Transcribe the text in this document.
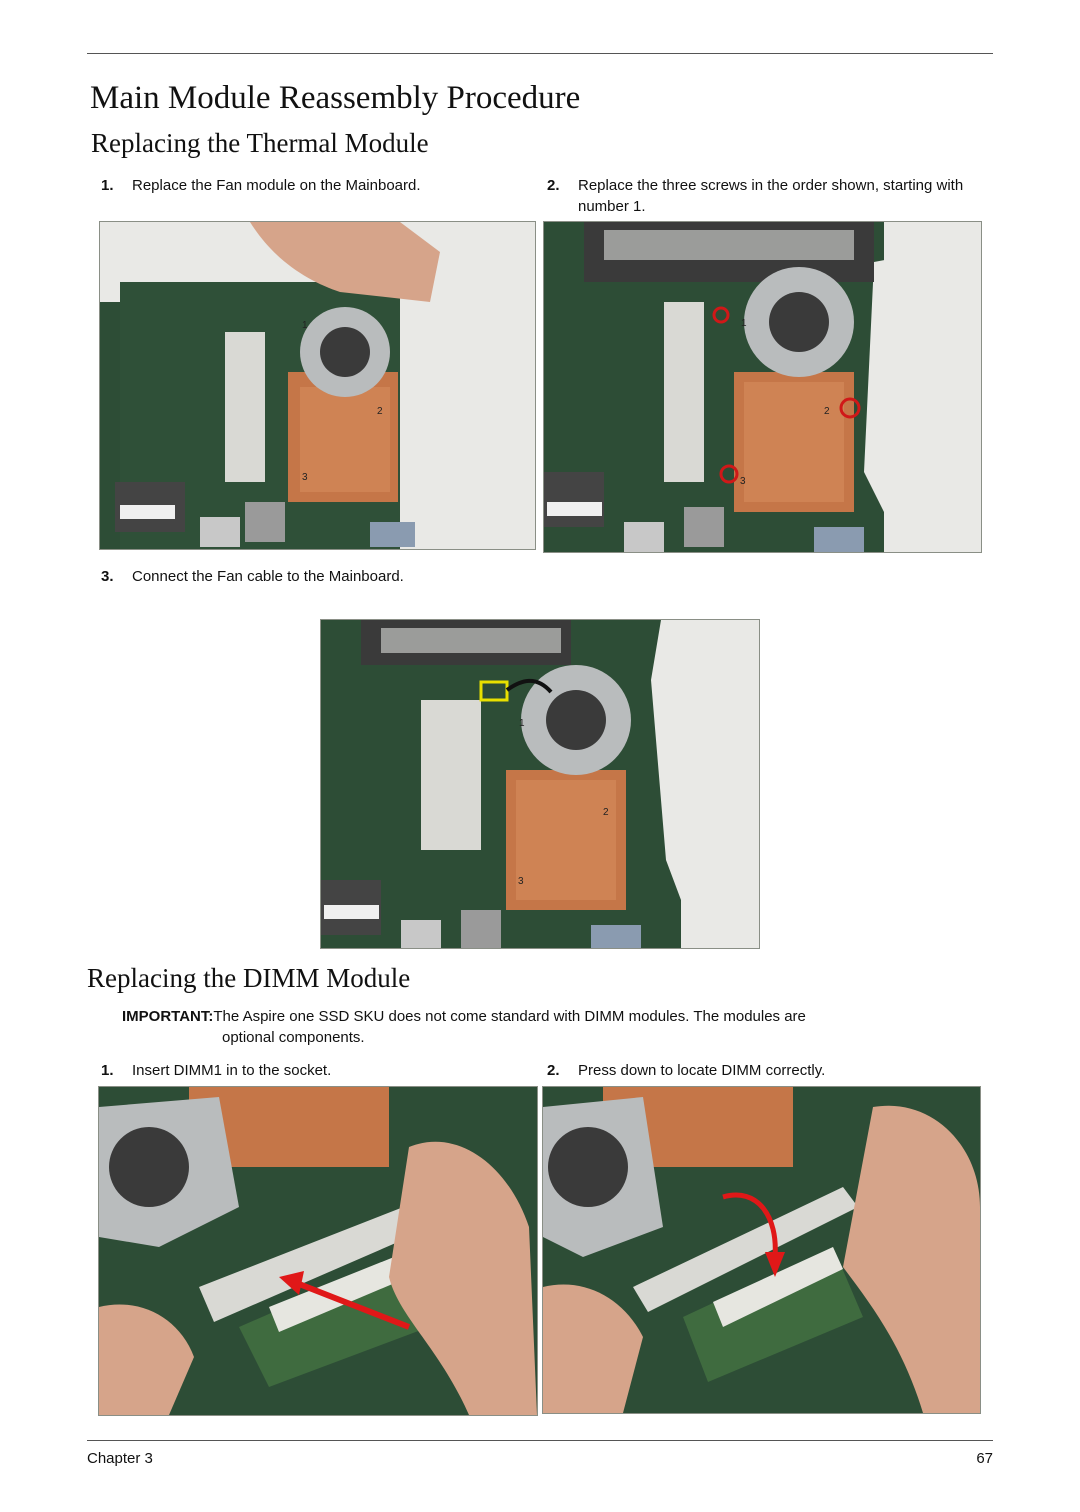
Main Module Reassembly Procedure
Replacing the Thermal Module
1.	Replace the Fan module on the Mainboard.	2.	Replace the three screws in the order shown, starting with number 1.
1
2
3
1
2
3
3.	Connect the Fan cable to the Mainboard.
1
2
3
Replacing the DIMM Module
IMPORTANT:The Aspire one SSD SKU does not come standard with DIMM modules. The modules are
optional components.
1.	Insert DIMM1 in to the socket.	2.	Press down to locate DIMM correctly.
Chapter 3	67
